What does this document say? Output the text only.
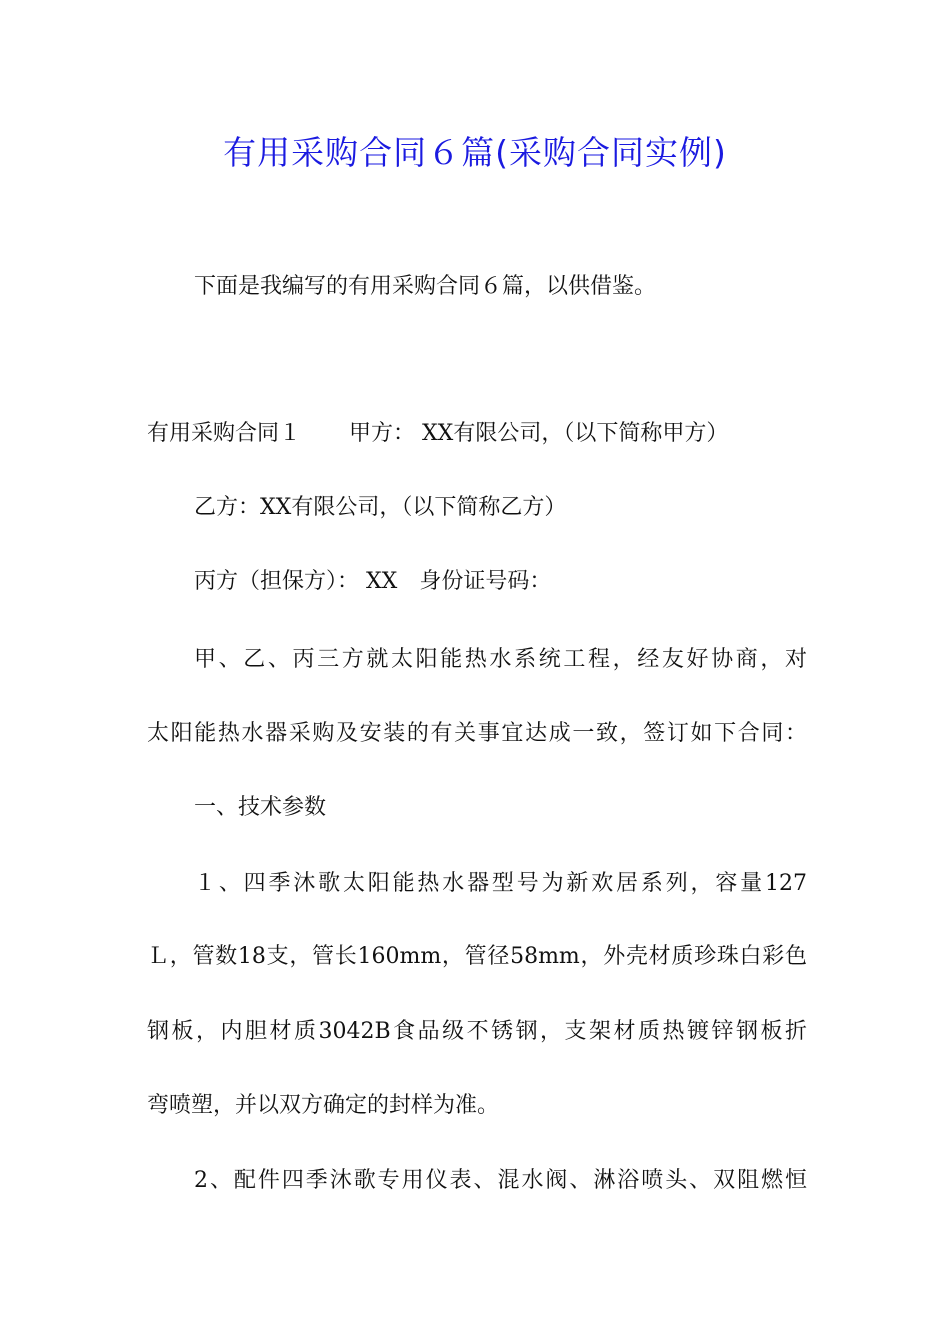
有用采购合同６篇(采购合同实例)
下面是我编写的有用采购合同６篇，以供借鉴。
有用采购合同１ 甲方： XX有限公司，（以下简称甲方）
乙方：XX有限公司，（以下简称乙方）
丙方（担保方）： XX　身份证号码：
甲、乙、丙三方就太阳能热水系统工程，经友好协商，对
太阳能热水器采购及安装的有关事宜达成一致，签订如下合同：
一、技术参数
１、四季沐歌太阳能热水器型号为新欢居系列，容量127
Ｌ，管数18支，管长160mm，管径58mm，外壳材质珍珠白彩色
钢板，内胆材质3042B食品级不锈钢，支架材质热镀锌钢板折
弯喷塑，并以双方确定的封样为准。
2、配件四季沐歌专用仪表、混水阀、淋浴喷头、双阻燃恒
